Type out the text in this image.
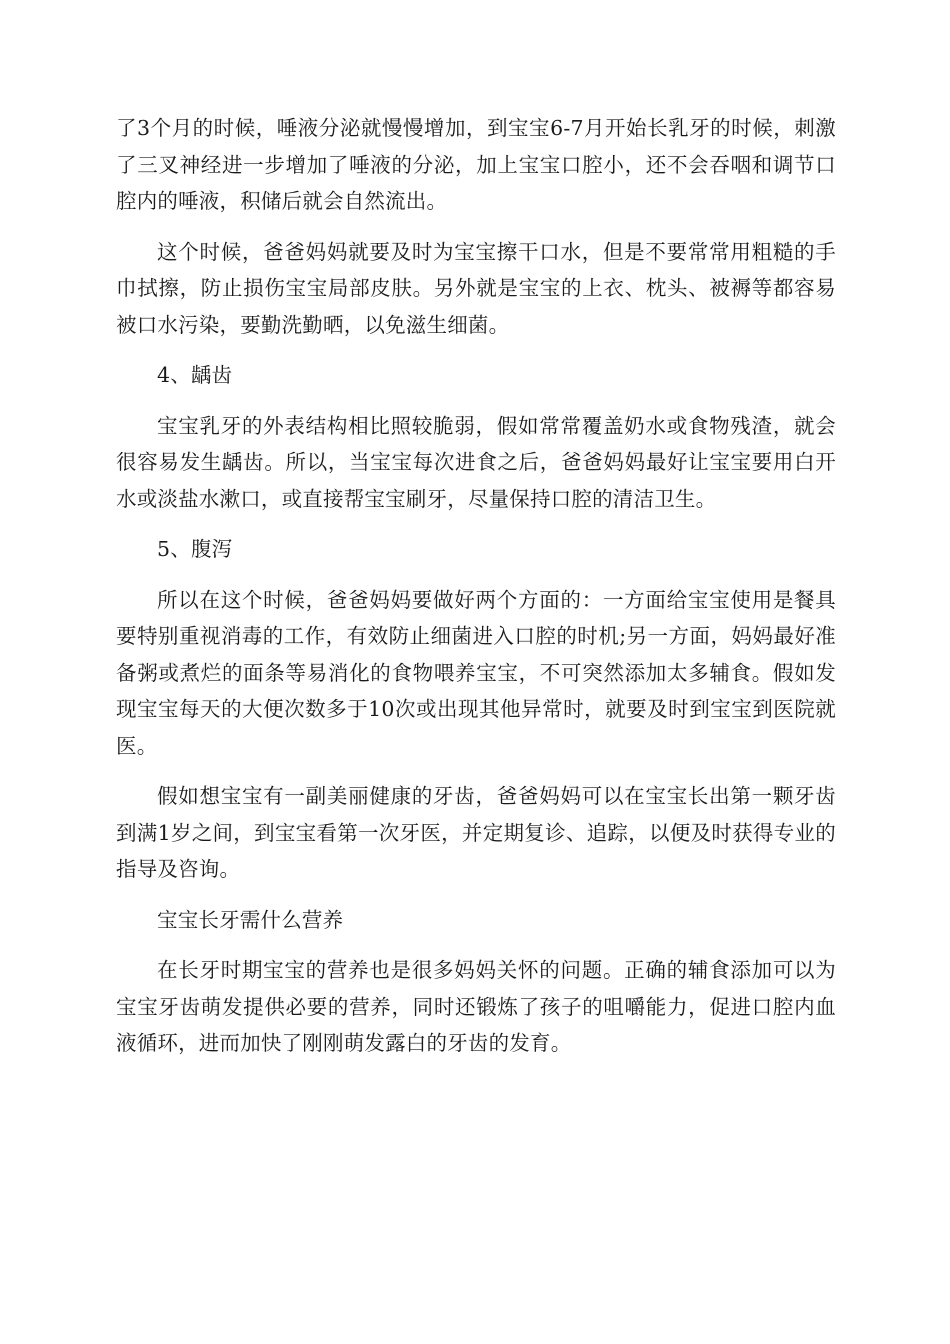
了3个月的时候，唾液分泌就慢慢增加，到宝宝6-7月开始长乳牙的时候，刺激了三叉神经进一步增加了唾液的分泌，加上宝宝口腔小，还不会吞咽和调节口腔内的唾液，积储后就会自然流出。

这个时候，爸爸妈妈就要及时为宝宝擦干口水，但是不要常常用粗糙的手巾拭擦，防止损伤宝宝局部皮肤。另外就是宝宝的上衣、枕头、被褥等都容易被口水污染，要勤洗勤晒，以免滋生细菌。

4、龋齿

宝宝乳牙的外表结构相比照较脆弱，假如常常覆盖奶水或食物残渣，就会很容易发生龋齿。所以，当宝宝每次进食之后，爸爸妈妈最好让宝宝要用白开水或淡盐水漱口，或直接帮宝宝刷牙，尽量保持口腔的清洁卫生。

5、腹泻

所以在这个时候，爸爸妈妈要做好两个方面的：一方面给宝宝使用是餐具要特别重视消毒的工作，有效防止细菌进入口腔的时机;另一方面，妈妈最好准备粥或煮烂的面条等易消化的食物喂养宝宝，不可突然添加太多辅食。假如发现宝宝每天的大便次数多于10次或出现其他异常时，就要及时到宝宝到医院就医。

假如想宝宝有一副美丽健康的牙齿，爸爸妈妈可以在宝宝长出第一颗牙齿到满1岁之间，到宝宝看第一次牙医，并定期复诊、追踪，以便及时获得专业的指导及咨询。

宝宝长牙需什么营养

在长牙时期宝宝的营养也是很多妈妈关怀的问题。正确的辅食添加可以为宝宝牙齿萌发提供必要的营养，同时还锻炼了孩子的咀嚼能力，促进口腔内血液循环，进而加快了刚刚萌发露白的牙齿的发育。
